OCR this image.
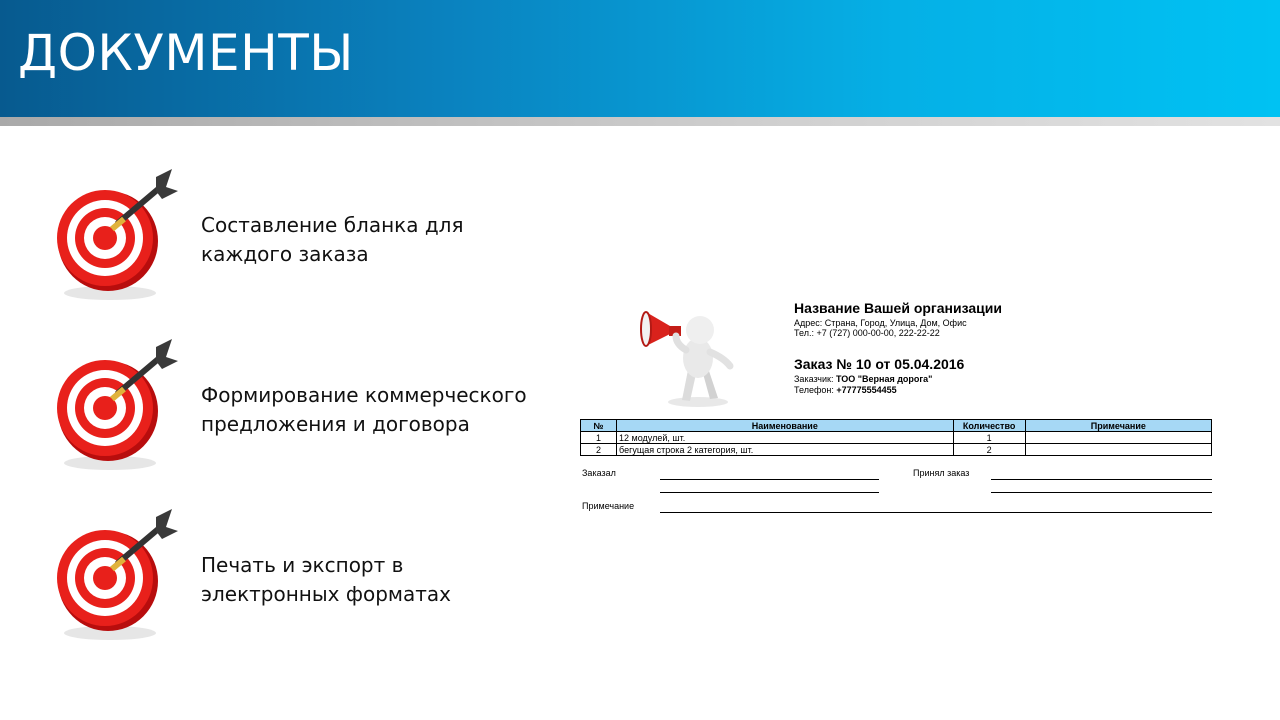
ДОКУМЕНТЫ
Составление бланка для
каждого заказа
Формирование коммерческого
предложения и договора
Печать и экспорт в
электронных форматах
Название Вашей организации
Адрес: Страна, Город, Улица, Дом, Офис
Тел.: +7 (727) 000-00-00, 222-22-22
Заказ № 10 от 05.04.2016
Заказчик: ТОО "Верная дорога"
Телефон: +77775554455
№	Наименование	Количество	Примечание
1	12 модулей, шт.	1	
2	бегущая строка 2 категория, шт.	2	
Заказал	Принял заказ
Примечание
